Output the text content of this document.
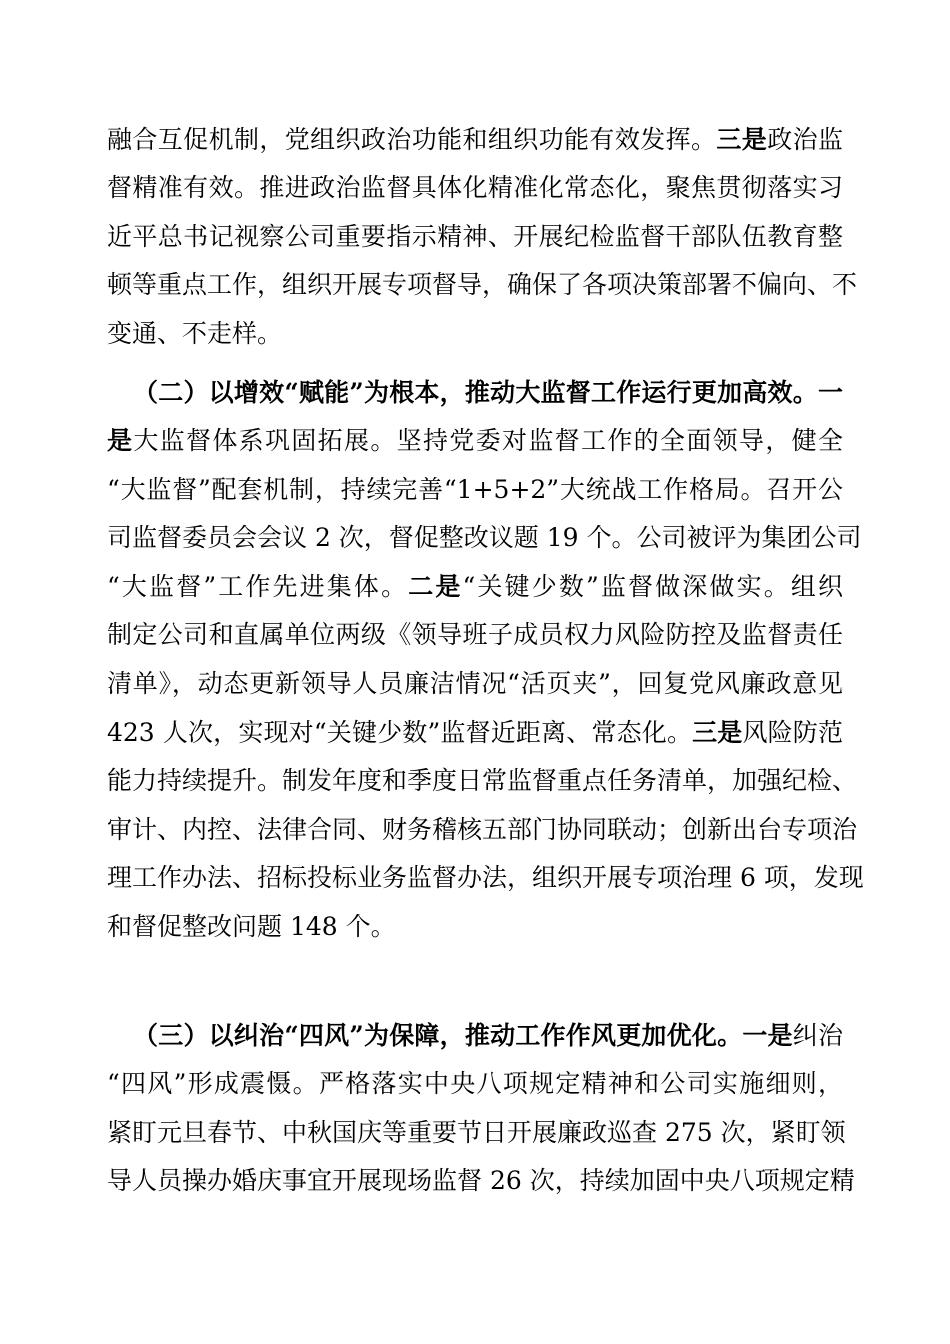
融合互促机制，党组织政治功能和组织功能有效发挥。三是政治监
督精准有效。推进政治监督具体化精准化常态化，聚焦贯彻落实习
近平总书记视察公司重要指示精神、开展纪检监督干部队伍教育整
顿等重点工作，组织开展专项督导，确保了各项决策部署不偏向、不
变通、不走样。
（二）以增效“赋能”为根本，推动大监督工作运行更加高效。一
是大监督体系巩固拓展。坚持党委对监督工作的全面领导，健全
“大监督”配套机制，持续完善“1+5+2”大统战工作格局。召开公
司监督委员会会议 2 次，督促整改议题 19 个。公司被评为集团公司
“大监督”工作先进集体。二是“关键少数”监督做深做实。组织
制定公司和直属单位两级《领导班子成员权力风险防控及监督责任
清单》，动态更新领导人员廉洁情况“活页夹”，回复党风廉政意见
423 人次，实现对“关键少数”监督近距离、常态化。三是风险防范
能力持续提升。制发年度和季度日常监督重点任务清单，加强纪检、
审计、内控、法律合同、财务稽核五部门协同联动；创新出台专项治
理工作办法、招标投标业务监督办法，组织开展专项治理 6 项，发现
和督促整改问题 148 个。
（三）以纠治“四风”为保障，推动工作作风更加优化。一是纠治
“四风”形成震慑。严格落实中央八项规定精神和公司实施细则，
紧盯元旦春节、中秋国庆等重要节日开展廉政巡查 275 次，紧盯领
导人员操办婚庆事宜开展现场监督 26 次，持续加固中央八项规定精
